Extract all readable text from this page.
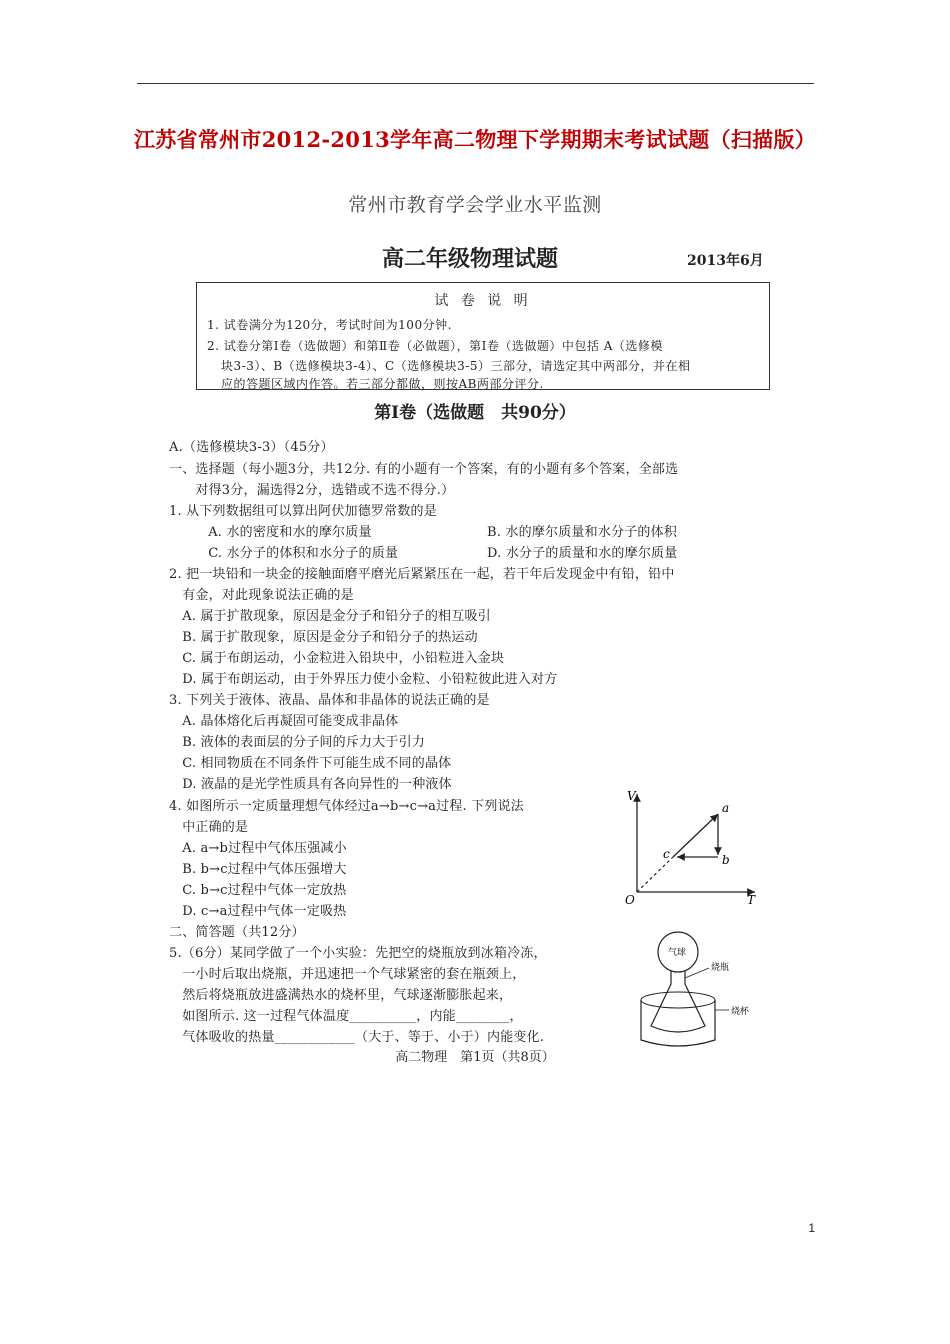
江苏省常州市2012-2013学年高二物理下学期期末考试试题（扫描版）
常州市教育学会学业水平监测
高二年级物理试题	2013年6月
试 卷 说 明
1. 试卷满分为120分，考试时间为100分钟.
2. 试卷分第Ⅰ卷（选做题）和第Ⅱ卷（必做题），第Ⅰ卷（选做题）中包括 A（选修模
块3-3）、B（选修模块3-4）、C（选修模块3-5）三部分，请选定其中两部分，并在相
应的答题区域内作答。若三部分都做，则按AB两部分评分.
第Ⅰ卷（选做题　共90分）
A.（选修模块3-3）（45分）
一、选择题（每小题3分，共12分. 有的小题有一个答案，有的小题有多个答案，全部选
　　对得3分，漏选得2分，选错或不选不得分.）
1. 从下列数据组可以算出阿伏加德罗常数的是
　A. 水的密度和水的摩尔质量	B. 水的摩尔质量和水分子的体积
　C. 水分子的体积和水分子的质量	D. 水分子的质量和水的摩尔质量
2. 把一块铅和一块金的接触面磨平磨光后紧紧压在一起，若干年后发现金中有铅，铅中
　有金，对此现象说法正确的是
　A. 属于扩散现象，原因是金分子和铅分子的相互吸引
　B. 属于扩散现象，原因是金分子和铅分子的热运动
　C. 属于布朗运动，小金粒进入铅块中，小铅粒进入金块
　D. 属于布朗运动，由于外界压力使小金粒、小铅粒彼此进入对方
3. 下列关于液体、液晶、晶体和非晶体的说法正确的是
　A. 晶体熔化后再凝固可能变成非晶体
　B. 液体的表面层的分子间的斥力大于引力
　C. 相同物质在不同条件下可能生成不同的晶体
　D. 液晶的是光学性质具有各向异性的一种液体
4. 如图所示一定质量理想气体经过a→b→c→a过程. 下列说法
　中正确的是
　A. a→b过程中气体压强减小
　B. b→c过程中气体压强增大
　C. b→c过程中气体一定放热
　D. c→a过程中气体一定吸热
二、简答题（共12分）
5.（6分）某同学做了一个小实验：先把空的烧瓶放到冰箱冷冻，
　一小时后取出烧瓶，并迅速把一个气球紧密的套在瓶颈上，
　然后将烧瓶放进盛满热水的烧杯里，气球逐渐膨胀起来，
　如图所示. 这一过程气体温度__________，内能________，
　气体吸收的热量____________（大于、等于、小于）内能变化.
V
T
O
a
b
c
气球
烧瓶
烧杯
高二物理　第1页（共8页）
1
